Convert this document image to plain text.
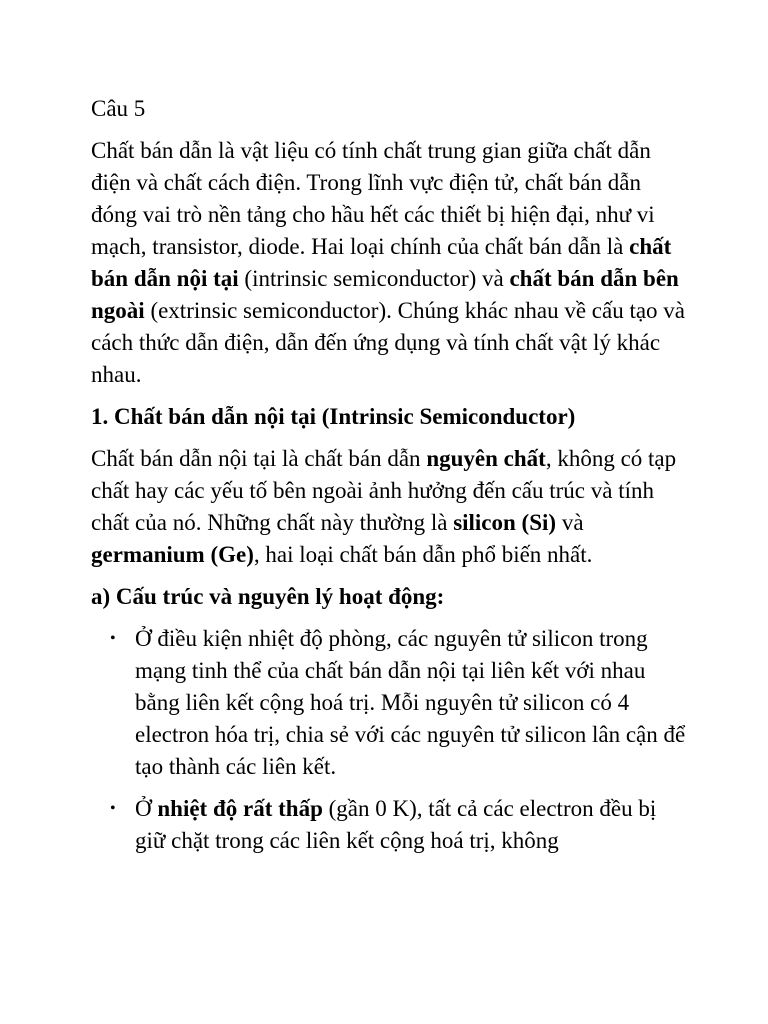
Câu 5

Chất bán dẫn là vật liệu có tính chất trung gian giữa chất dẫn điện và chất cách điện. Trong lĩnh vực điện tử, chất bán dẫn đóng vai trò nền tảng cho hầu hết các thiết bị hiện đại, như vi mạch, transistor, diode. Hai loại chính của chất bán dẫn là chất bán dẫn nội tại (intrinsic semiconductor) và chất bán dẫn bên ngoài (extrinsic semiconductor). Chúng khác nhau về cấu tạo và cách thức dẫn điện, dẫn đến ứng dụng và tính chất vật lý khác nhau.

1. Chất bán dẫn nội tại (Intrinsic Semiconductor)

Chất bán dẫn nội tại là chất bán dẫn nguyên chất, không có tạp chất hay các yếu tố bên ngoài ảnh hưởng đến cấu trúc và tính chất của nó. Những chất này thường là silicon (Si) và germanium (Ge), hai loại chất bán dẫn phổ biến nhất.

a) Cấu trúc và nguyên lý hoạt động:
• Ở điều kiện nhiệt độ phòng, các nguyên tử silicon trong mạng tinh thể của chất bán dẫn nội tại liên kết với nhau bằng liên kết cộng hoá trị. Mỗi nguyên tử silicon có 4 electron hóa trị, chia sẻ với các nguyên tử silicon lân cận để tạo thành các liên kết.
• Ở nhiệt độ rất thấp (gần 0 K), tất cả các electron đều bị giữ chặt trong các liên kết cộng hoá trị, không
